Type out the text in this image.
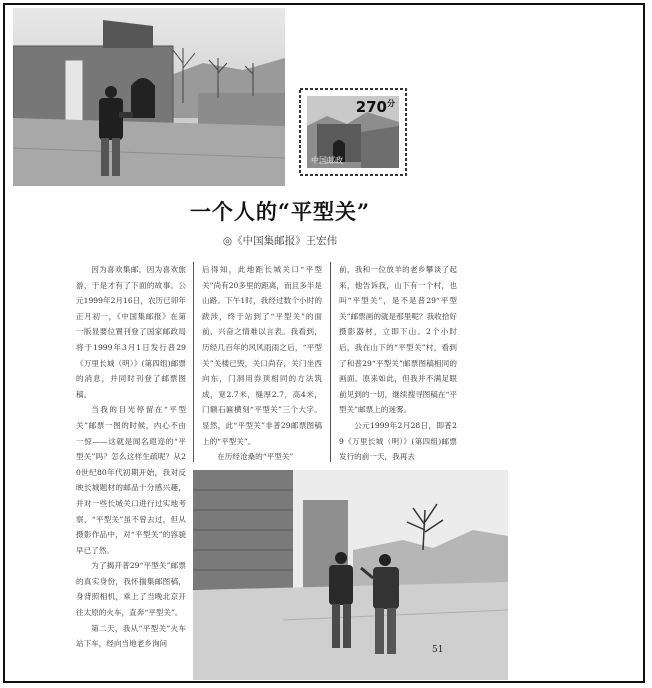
$270^分$
中国邮政
一个人的“平型关”
◎《中国集邮报》王宏伟

因为喜欢集邮，因为喜欢旅游，于是才有了下面的故事。公元1999年2月16日，农历已卯年正月初一，《中国集邮报》在第一版显要位置刊登了国家邮政局将于1999年3月1日发行普29《万里长城（明）》(第四组)邮票的消息，并同时刊登了邮票图稿。

当我的目光停留在“平型关”邮票一图的时候，内心不由一惊——这就是闻名遐迩的“平型关”吗？怎么这样生疏呢？从20世纪80年代初期开始，我对反映长城题材的邮品十分感兴趣，并对一些长城关口进行过实地考察，“平型关”虽不曾去过，但从摄影作品中，对“平型关”的容貌早已了然。

为了揭开普29“平型关”邮票的真实身份，我怀揣集邮图稿，身背照相机，乘上了当晚北京开往太原的火车，直奔“平型关”。

第二天，我从“平型关”火车站下车，经向当地老乡询问

后得知，此地距长城关口“平型关”尚有20多里的距离，而且多半是山路。下午1时，我经过数个小时的跋涉，终于站到了“平型关”的面前，兴奋之情难以言表。我看到，历经几百年的风风雨雨之后，“平型关”关楼已毁，关口尚存，关门坐西向东，门洞用券顶相同的方法筑成，宽2.7米，缝厚2.7，高4米，门额石匾横刻“平型关”三个大字。显然，此“平型关”非普29邮票图稿上的“平型关”。

在历经沧桑的“平型关”

前，我和一位放羊的老乡攀谈了起来，他告诉我，山下有一个村，也叫“平型关”，是不是普29“平型关”邮票画的就是那里呢？我收拾好摄影器材，立即下山。2个小时后，我在山下的“平型关”村，看到了和普29“平型关”邮票图稿相同的画面。原来如此，但我并不满足眼前见到的一切，继续搜寻图稿在“平型关”邮票上的迷雾。

公元1999年2月28日，即普29《万里长城（明）》(第四组)邮票发行的前一天，我再去

51
